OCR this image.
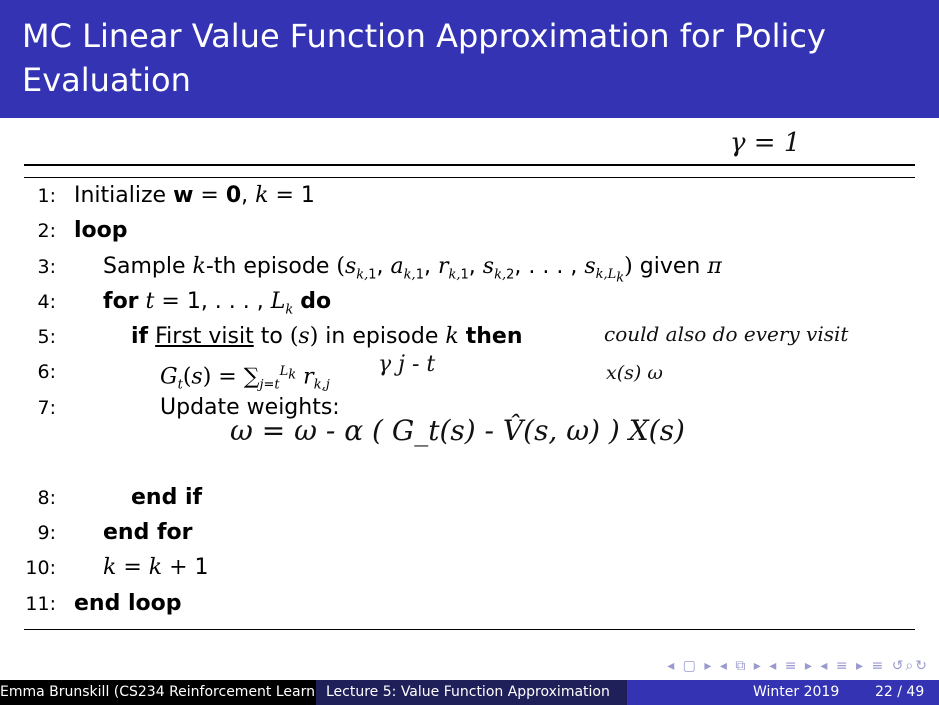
MC Linear Value Function Approximation for Policy Evaluation
γ = 1
1: Initialize w = 0, k = 1
2: loop
3: Sample k-th episode ($s_{k,1}$, $a_{k,1}$, $r_{k,1}$, $s_{k,2}$, . . . , $s_{k,L_k}$) given π
4: for t = 1, . . . , $L_k$ do
5:	if First visit to (s) in episode k then	could also do every visit
6:	$G_t(s) = \sum_{j=t}^{L_k}$ $r_{k,j}$
γ j - t	x(s) ω
7:	Update weights:
ω = ω - α ( G_t(s) - V̂(s, ω) ) X(s)
8:	end if
9: end for
10: k = k + 1
11: end loop
◂ ▢ ▸ ◂ ⧉ ▸ ◂ ≡ ▸ ◂ ≡ ▸ ≡ ↺⌕↻
Emma Brunskill (CS234 Reinforcement Learn Lecture 5: Value Function Approximation	Winter 2019	22 / 49
